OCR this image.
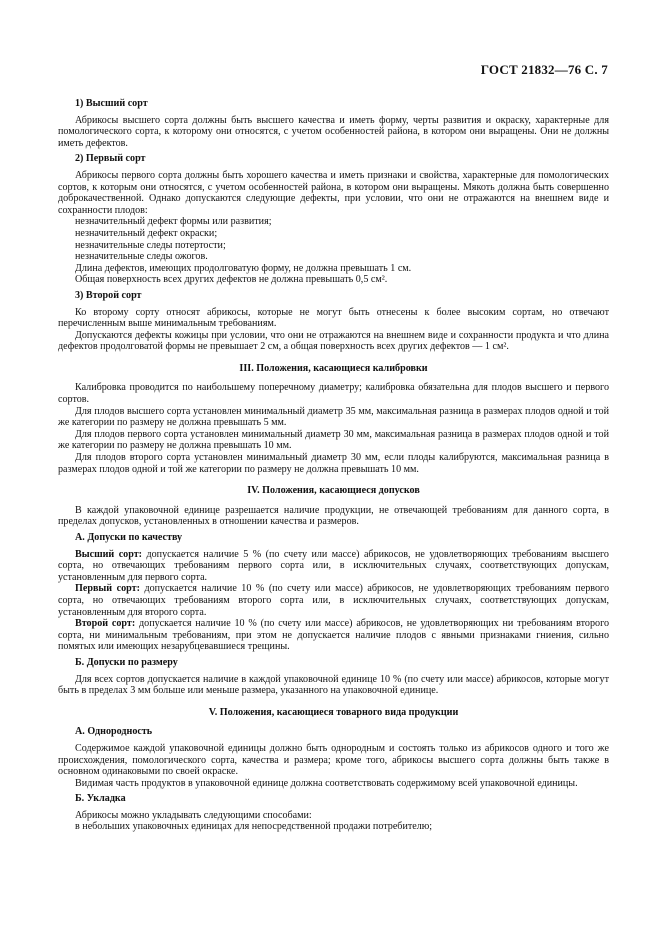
ГОСТ 21832—76 С. 7
1) Высший сорт

Абрикосы высшего сорта должны быть высшего качества и иметь форму, черты развития и окраску, характерные для помологического сорта, к которому они относятся, с учетом особенностей района, в котором они выращены. Они не должны иметь дефектов.

2) Первый сорт

Абрикосы первого сорта должны быть хорошего качества и иметь признаки и свойства, характерные для помологических сортов, к которым они относятся, с учетом особенностей района, в котором они выращены. Мякоть должна быть совершенно доброкачественной. Однако допускаются следующие дефекты, при условии, что они не отражаются на внешнем виде и сохранности плодов:

незначительный дефект формы или развития;

незначительный дефект окраски;

незначительные следы потертости;

незначительные следы ожогов.

Длина дефектов, имеющих продолговатую форму, не должна превышать 1 см.

Общая поверхность всех других дефектов не должна превышать 0,5 см².

3) Второй сорт

Ко второму сорту относят абрикосы, которые не могут быть отнесены к более высоким сортам, но отвечают перечисленным выше минимальным требованиям.

Допускаются дефекты кожицы при условии, что они не отражаются на внешнем виде и сохранности продукта и что длина дефектов продолговатой формы не превышает 2 см, а общая поверхность всех других дефектов — 1 см².

III. Положения, касающиеся калибровки

Калибровка проводится по наибольшему поперечному диаметру; калибровка обязательна для плодов высшего и первого сортов.

Для плодов высшего сорта установлен минимальный диаметр 35 мм, максимальная разница в размерах плодов одной и той же категории по размеру не должна превышать 5 мм.

Для плодов первого сорта установлен минимальный диаметр 30 мм, максимальная разница в размерах плодов одной и той же категории по размеру не должна превышать 10 мм.

Для плодов второго сорта установлен минимальный диаметр 30 мм, если плоды калибруются, максимальная разница в размерах плодов одной и той же категории по размеру не должна превышать 10 мм.

IV. Положения, касающиеся допусков

В каждой упаковочной единице разрешается наличие продукции, не отвечающей требованиям для данного сорта, в пределах допусков, установленных в отношении качества и размеров.

А. Допуски по качеству

Высший сорт: допускается наличие 5 % (по счету или массе) абрикосов, не удовлетворяющих требованиям высшего сорта, но отвечающих требованиям первого сорта или, в исключительных случаях, соответствующих допускам, установленным для первого сорта.

Первый сорт: допускается наличие 10 % (по счету или массе) абрикосов, не удовлетворяющих требованиям первого сорта, но отвечающих требованиям второго сорта или, в исключительных случаях, соответствующих допускам, установленным для второго сорта.

Второй сорт: допускается наличие 10 % (по счету или массе) абрикосов, не удовлетворяющих ни требованиям второго сорта, ни минимальным требованиям, при этом не допускается наличие плодов с явными признаками гниения, сильно помятых или имеющих незарубцевавшиеся трещины.

Б. Допуски по размеру

Для всех сортов допускается наличие в каждой упаковочной единице 10 % (по счету или массе) абрикосов, которые могут быть в пределах 3 мм больше или меньше размера, указанного на упаковочной единице.

V. Положения, касающиеся товарного вида продукции
А. Однородность

Содержимое каждой упаковочной единицы должно быть однородным и состоять только из абрикосов одного и того же происхождения, помологического сорта, качества и размера; кроме того, абрикосы высшего сорта должны быть также в основном одинаковыми по своей окраске.

Видимая часть продуктов в упаковочной единице должна соответствовать содержимому всей упаковочной единицы.

Б. Укладка

Абрикосы можно укладывать следующими способами:

в небольших упаковочных единицах для непосредственной продажи потребителю;
